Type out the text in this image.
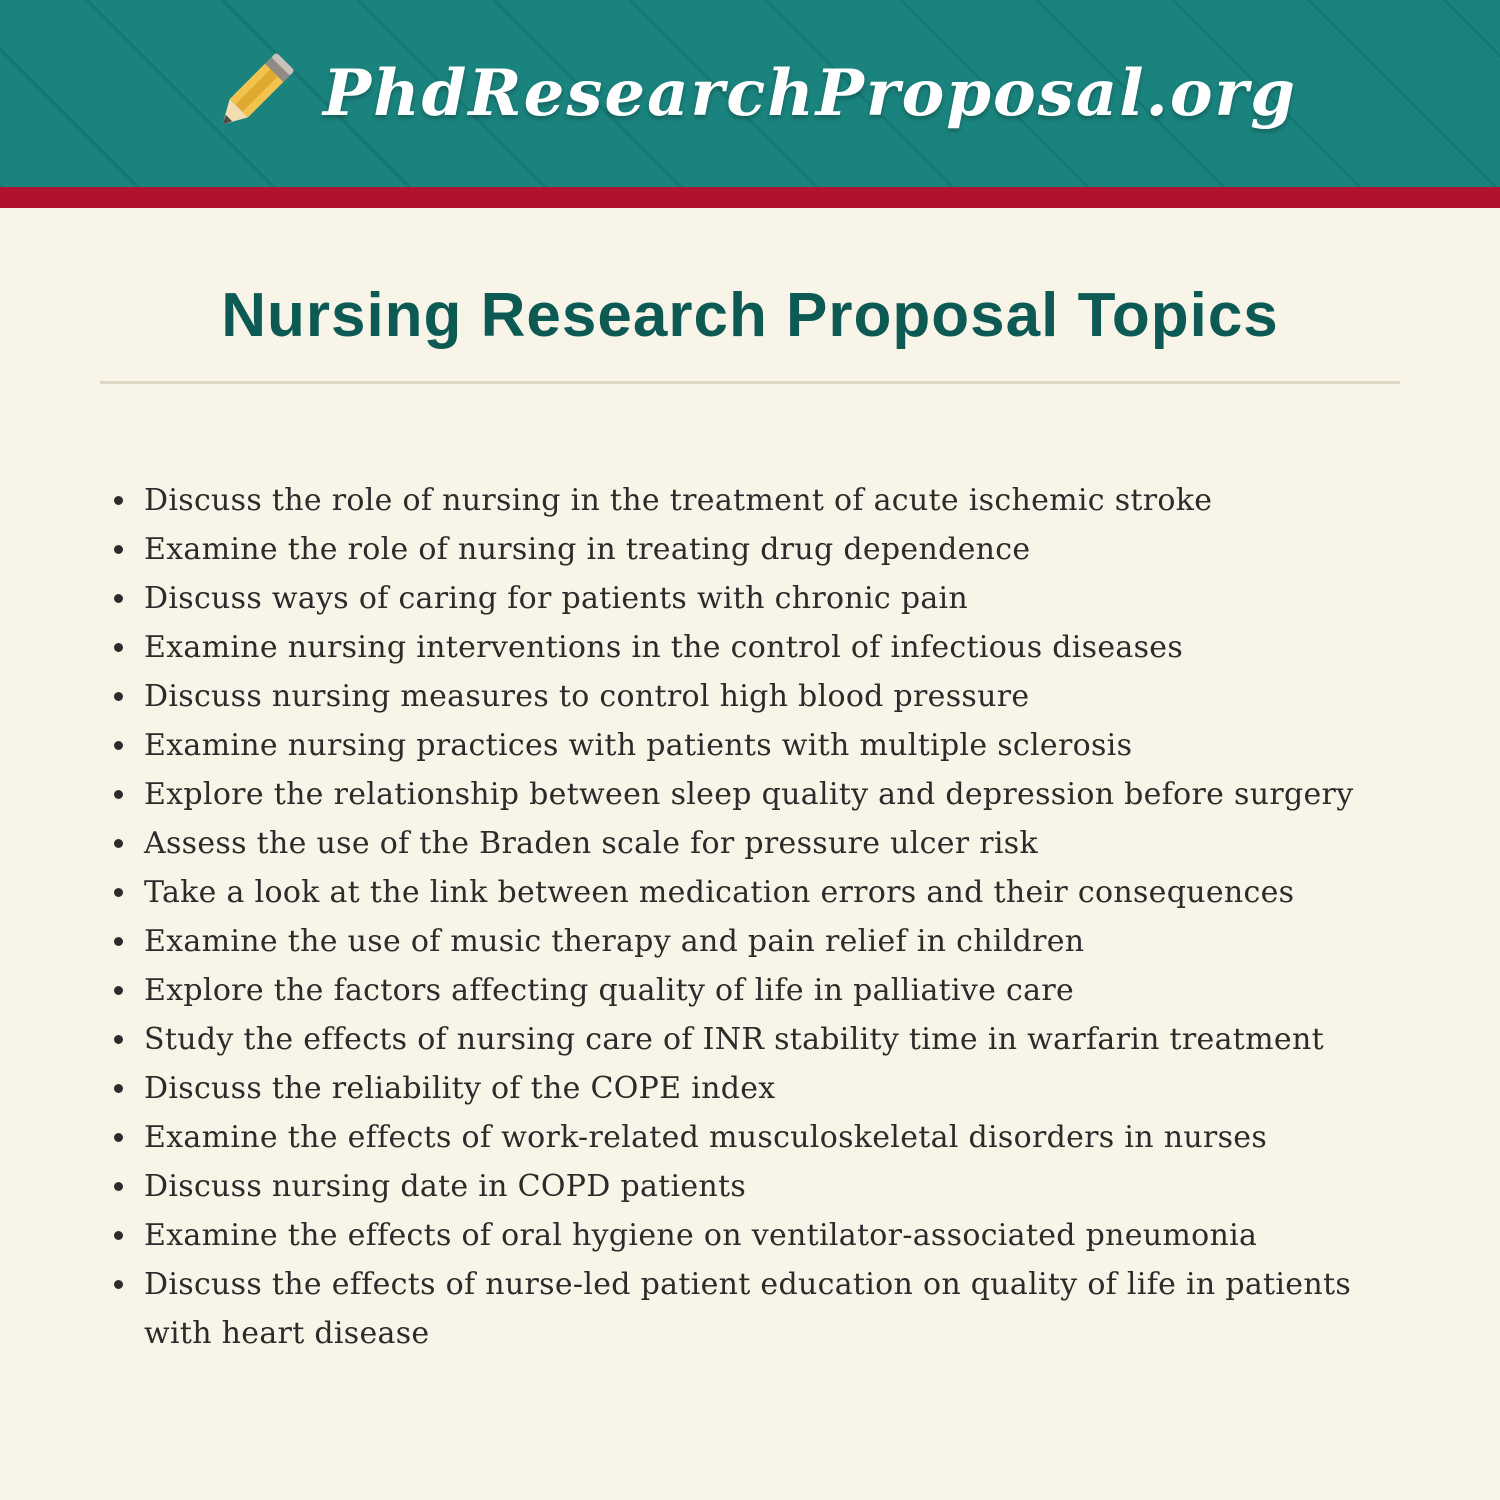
PhdResearchProposal.org
Nursing Research Proposal Topics
Discuss the role of nursing in the treatment of acute ischemic stroke
Examine the role of nursing in treating drug dependence
Discuss ways of caring for patients with chronic pain
Examine nursing interventions in the control of infectious diseases
Discuss nursing measures to control high blood pressure
Examine nursing practices with patients with multiple sclerosis
Explore the relationship between sleep quality and depression before surgery
Assess the use of the Braden scale for pressure ulcer risk
Take a look at the link between medication errors and their consequences
Examine the use of music therapy and pain relief in children
Explore the factors affecting quality of life in palliative care
Study the effects of nursing care of INR stability time in warfarin treatment
Discuss the reliability of the COPE index
Examine the effects of work-related musculoskeletal disorders in nurses
Discuss nursing date in COPD patients
Examine the effects of oral hygiene on ventilator-associated pneumonia
Discuss the effects of nurse-led patient education on quality of life in patients with heart disease
